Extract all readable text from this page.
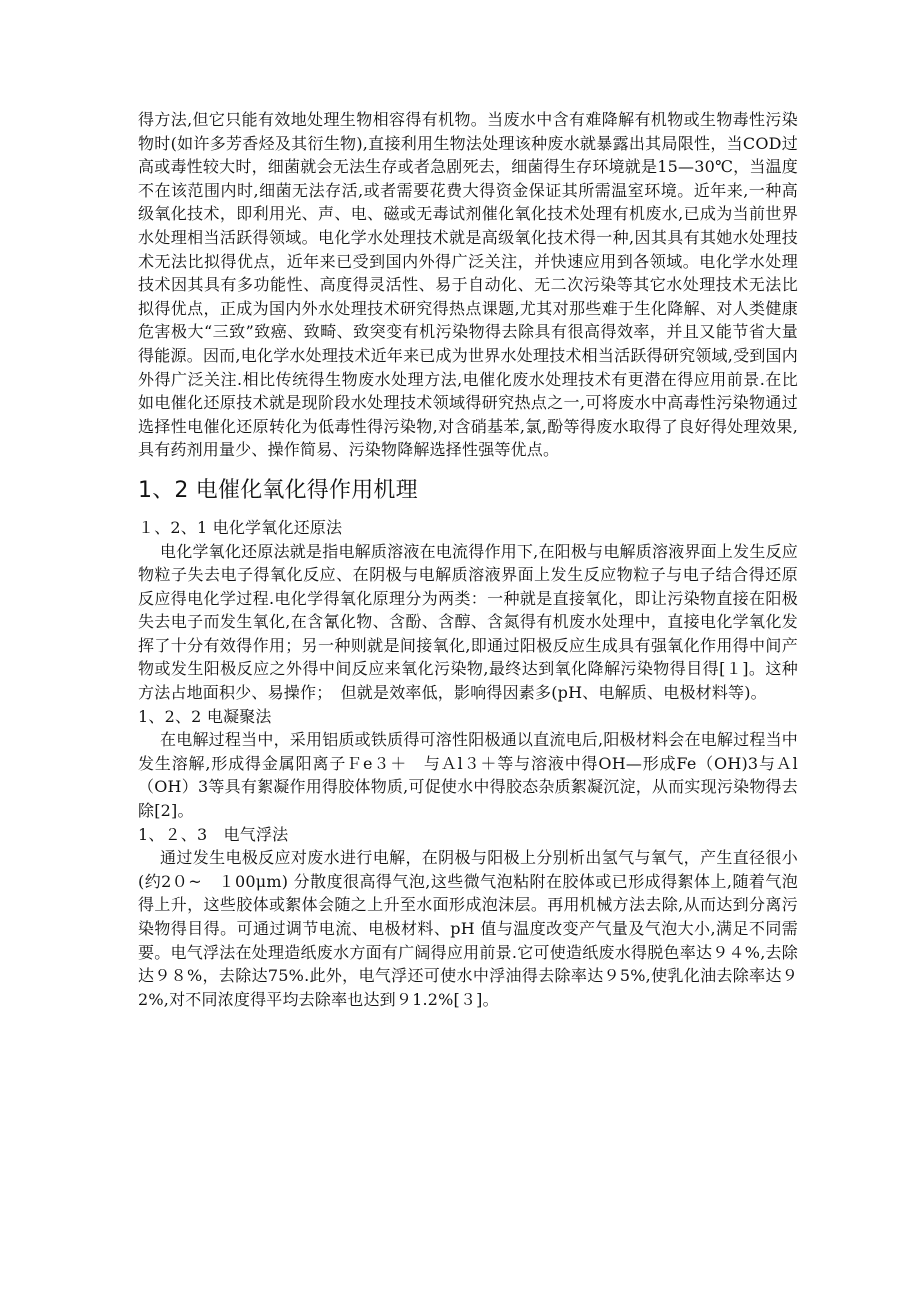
得方法,但它只能有效地处理生物相容得有机物。当废水中含有难降解有机物或生物毒性污染物时(如许多芳香烃及其衍生物),直接利用生物法处理该种废水就暴露出其局限性，当COD过高或毒性较大时，细菌就会无法生存或者急剧死去，细菌得生存环境就是15—30℃，当温度不在该范围内时,细菌无法存活,或者需要花费大得资金保证其所需温室环境。近年来,一种高级氧化技术，即利用光、声、电、磁或无毒试剂催化氧化技术处理有机废水,已成为当前世界水处理相当活跃得领域。电化学水处理技术就是高级氧化技术得一种,因其具有其她水处理技术无法比拟得优点，近年来已受到国内外得广泛关注，并快速应用到各领域。电化学水处理技术因其具有多功能性、高度得灵活性、易于自动化、无二次污染等其它水处理技术无法比拟得优点，正成为国内外水处理技术研究得热点课题,尤其对那些难于生化降解、对人类健康危害极大“三致”致癌、致畸、致突变有机污染物得去除具有很高得效率，并且又能节省大量得能源。因而,电化学水处理技术近年来已成为世界水处理技术相当活跃得研究领域,受到国内外得广泛关注.相比传统得生物废水处理方法,电催化废水处理技术有更潜在得应用前景.在比如电催化还原技术就是现阶段水处理技术领域得研究热点之一,可将废水中高毒性污染物通过选择性电催化还原转化为低毒性得污染物,对含硝基苯,氯,酚等得废水取得了良好得处理效果,具有药剂用量少、操作简易、污染物降解选择性强等优点。

1、2 电催化氧化得作用机理
１、2、1 电化学氧化还原法

电化学氧化还原法就是指电解质溶液在电流得作用下,在阳极与电解质溶液界面上发生反应物粒子失去电子得氧化反应、在阴极与电解质溶液界面上发生反应物粒子与电子结合得还原反应得电化学过程.电化学得氧化原理分为两类：一种就是直接氧化，即让污染物直接在阳极失去电子而发生氧化,在含氰化物、含酚、含醇、含氮得有机废水处理中，直接电化学氧化发挥了十分有效得作用；另一种则就是间接氧化,即通过阳极反应生成具有强氧化作用得中间产物或发生阳极反应之外得中间反应来氧化污染物,最终达到氧化降解污染物得目得[１]。这种方法占地面积少、易操作；　但就是效率低，影响得因素多(pH、电解质、电极材料等)。

1、2、2 电凝聚法

在电解过程当中，采用铝质或铁质得可溶性阳极通以直流电后,阳极材料会在电解过程当中发生溶解,形成得金属阳离子Ｆe３＋　与Ａl３＋等与溶液中得OH—形成Fe（OH)3与Ａl（OH）3等具有絮凝作用得胶体物质,可促使水中得胶态杂质絮凝沉淀，从而实现污染物得去除[2]。

1、２、3　电气浮法

通过发生电极反应对废水进行电解，在阴极与阳极上分别析出氢气与氧气，产生直径很小(约2０~　１00μm) 分散度很高得气泡,这些微气泡粘附在胶体或已形成得絮体上,随着气泡得上升，这些胶体或絮体会随之上升至水面形成泡沫层。再用机械方法去除,从而达到分离污染物得目得。可通过调节电流、电极材料、pH 值与温度改变产气量及气泡大小,满足不同需要。电气浮法在处理造纸废水方面有广阔得应用前景.它可使造纸废水得脱色率达９４%,去除达９８%，去除达75%.此外，电气浮还可使水中浮油得去除率达９5%,使乳化油去除率达９2%,对不同浓度得平均去除率也达到９1.2%[３]。
